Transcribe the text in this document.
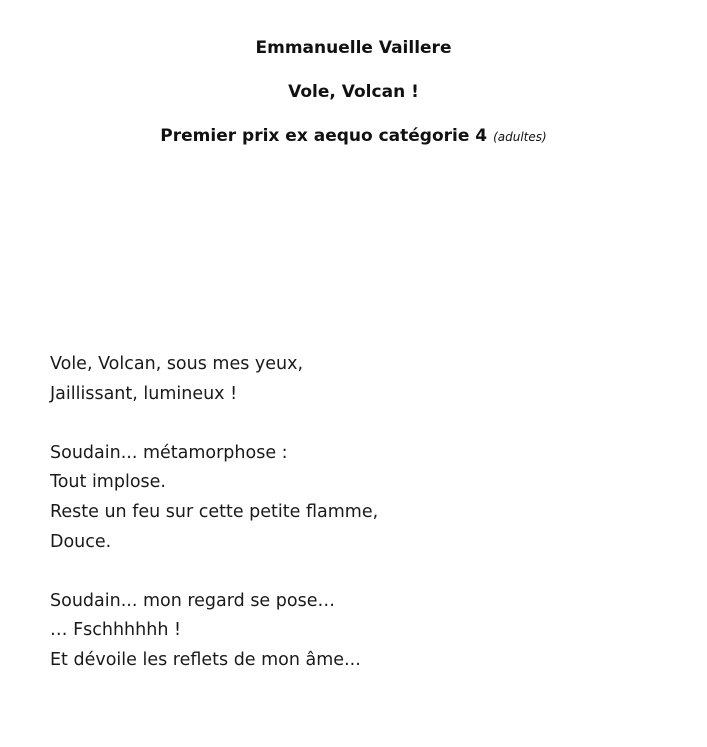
Emmanuelle Vaillere
Vole, Volcan !
Premier prix ex aequo catégorie 4 (adultes)
Vole, Volcan, sous mes yeux,
Jaillissant, lumineux !
Soudain... métamorphose :
Tout implose.
Reste un feu sur cette petite flamme,
Douce.
Soudain... mon regard se pose…
… Fschhhhhh !
Et dévoile les reflets de mon âme...
